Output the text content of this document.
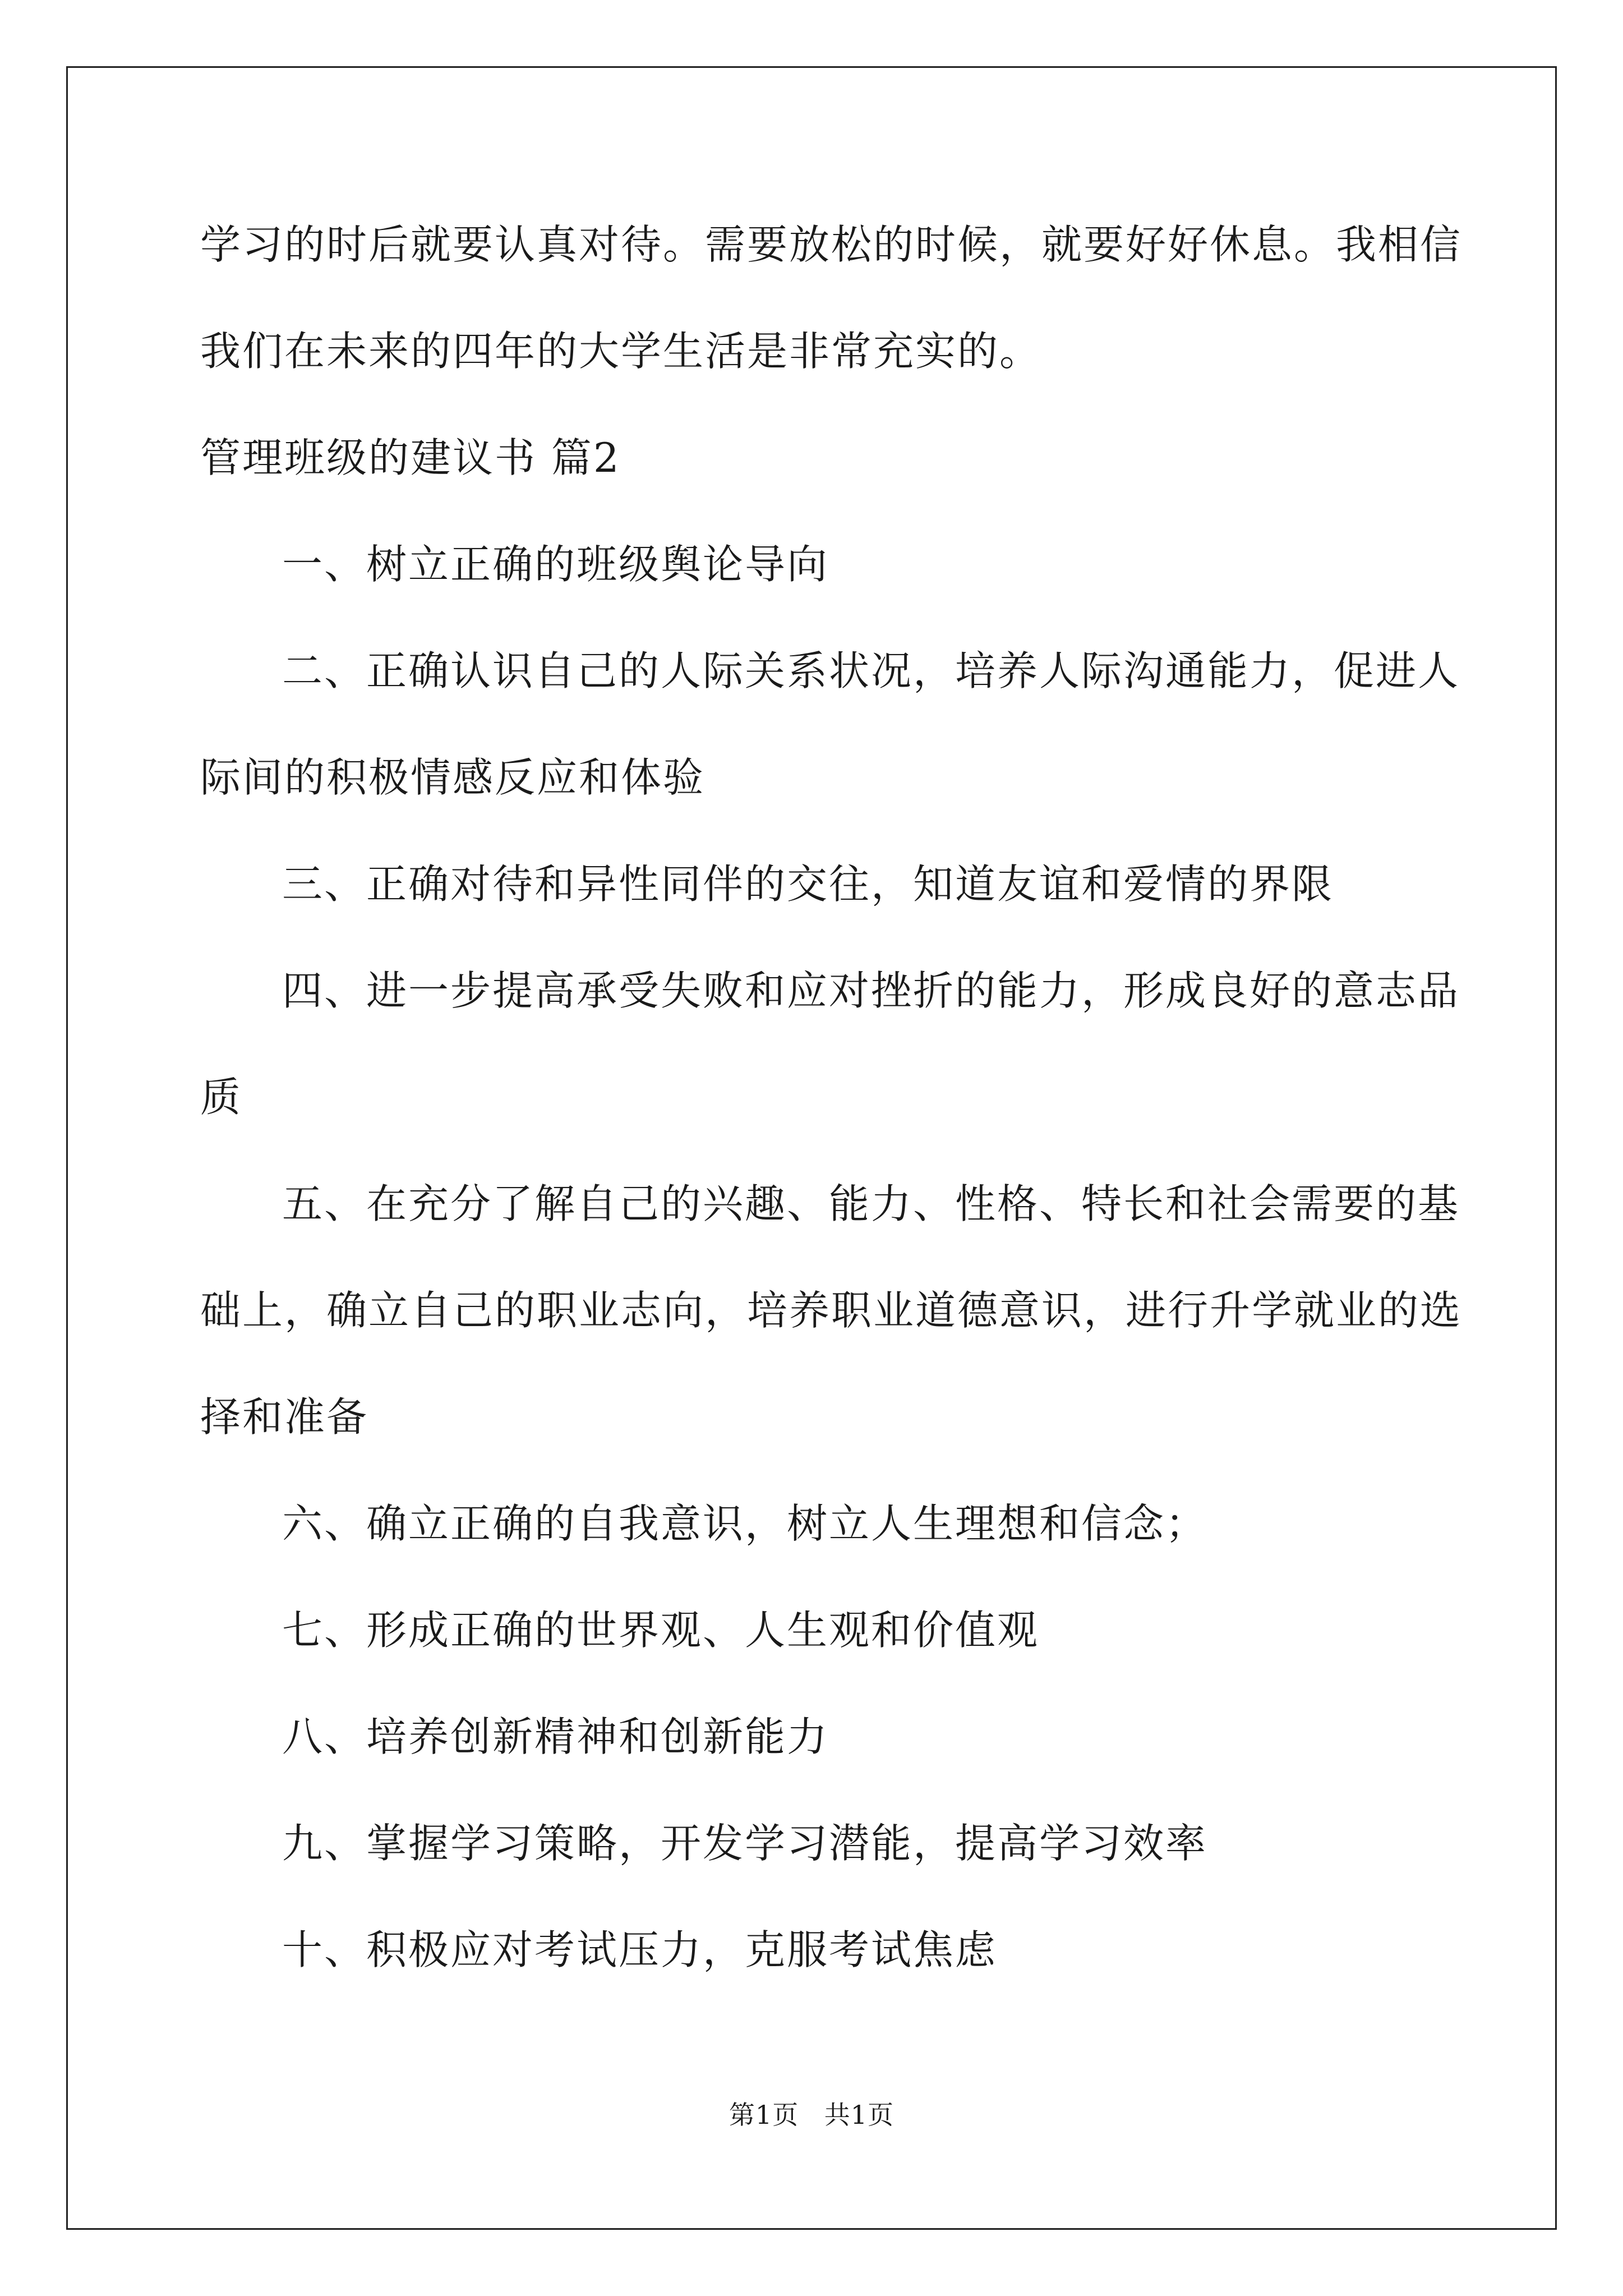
学习的时后就要认真对待。需要放松的时候，就要好好休息。我相信
我们在未来的四年的大学生活是非常充实的。
管理班级的建议书 篇2
一、树立正确的班级舆论导向
二、正确认识自己的人际关系状况，培养人际沟通能力，促进人
际间的积极情感反应和体验
三、正确对待和异性同伴的交往，知道友谊和爱情的界限
四、进一步提高承受失败和应对挫折的能力，形成良好的意志品
质
五、在充分了解自己的兴趣、能力、性格、特长和社会需要的基
础上，确立自己的职业志向，培养职业道德意识，进行升学就业的选
择和准备
六、确立正确的自我意识，树立人生理想和信念；
七、形成正确的世界观、人生观和价值观
八、培养创新精神和创新能力
九、掌握学习策略，开发学习潜能，提高学习效率
十、积极应对考试压力，克服考试焦虑
第1页 共1页
